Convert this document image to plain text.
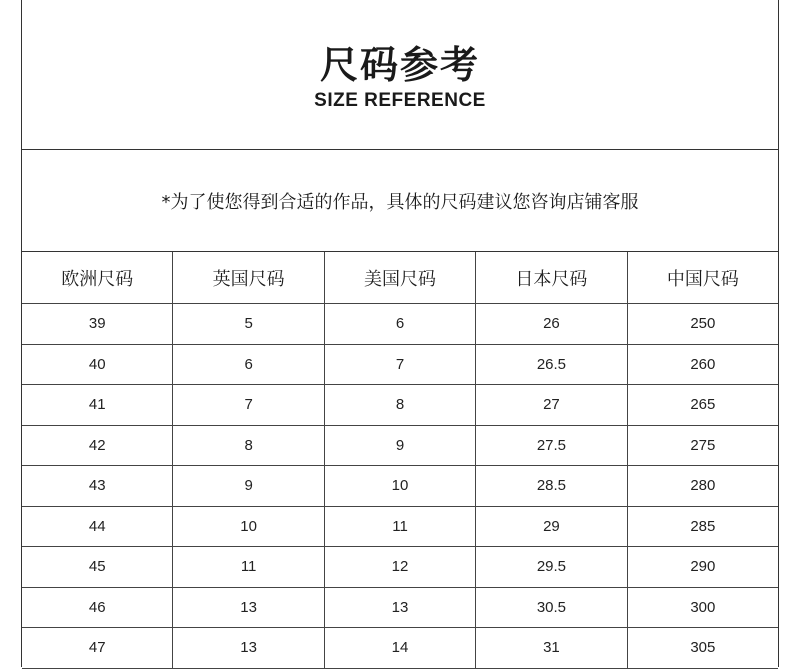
尺码参考
SIZE REFERENCE
*为了使您得到合适的作品，具体的尺码建议您咨询店铺客服
欧洲尺码	英国尺码	美国尺码	日本尺码	中国尺码
39	5	6	26	250
40	6	7	26.5	260
41	7	8	27	265
42	8	9	27.5	275
43	9	10	28.5	280
44	10	11	29	285
45	11	12	29.5	290
46	13	13	30.5	300
47	13	14	31	305
